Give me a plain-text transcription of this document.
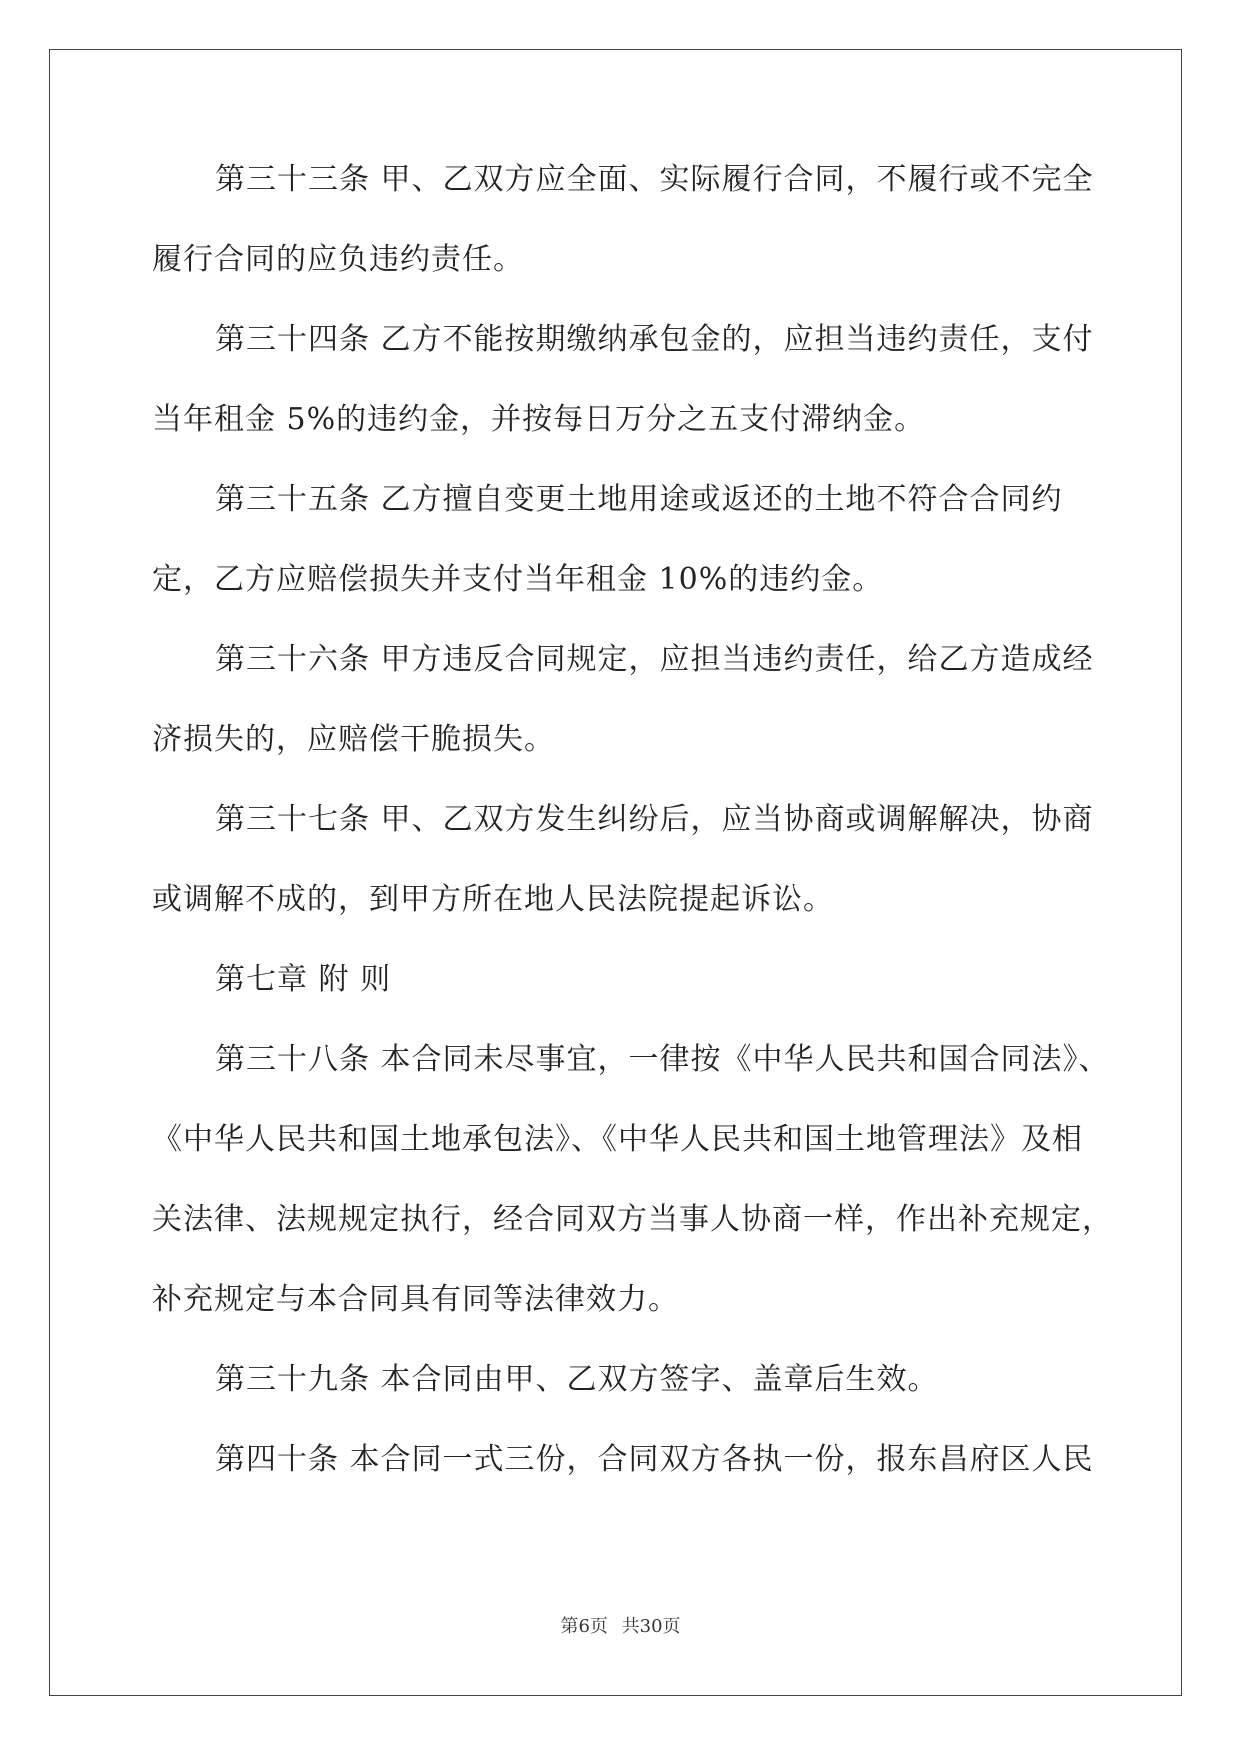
第三十三条 甲、乙双方应全面、实际履行合同，不履行或不完全
履行合同的应负违约责任。
第三十四条 乙方不能按期缴纳承包金的，应担当违约责任，支付
当年租金 5%的违约金，并按每日万分之五支付滞纳金。
第三十五条 乙方擅自变更土地用途或返还的土地不符合合同约
定，乙方应赔偿损失并支付当年租金 10%的违约金。
第三十六条 甲方违反合同规定，应担当违约责任，给乙方造成经
济损失的，应赔偿干脆损失。
第三十七条 甲、乙双方发生纠纷后，应当协商或调解解决，协商
或调解不成的，到甲方所在地人民法院提起诉讼。
第七章 附 则
第三十八条 本合同未尽事宜，一律按《中华人民共和国合同法》、
《中华人民共和国土地承包法》、《中华人民共和国土地管理法》及相
关法律、法规规定执行，经合同双方当事人协商一样，作出补充规定，
补充规定与本合同具有同等法律效力。
第三十九条 本合同由甲、乙双方签字、盖章后生效。
第四十条 本合同一式三份，合同双方各执一份，报东昌府区人民
第6页 共30页
